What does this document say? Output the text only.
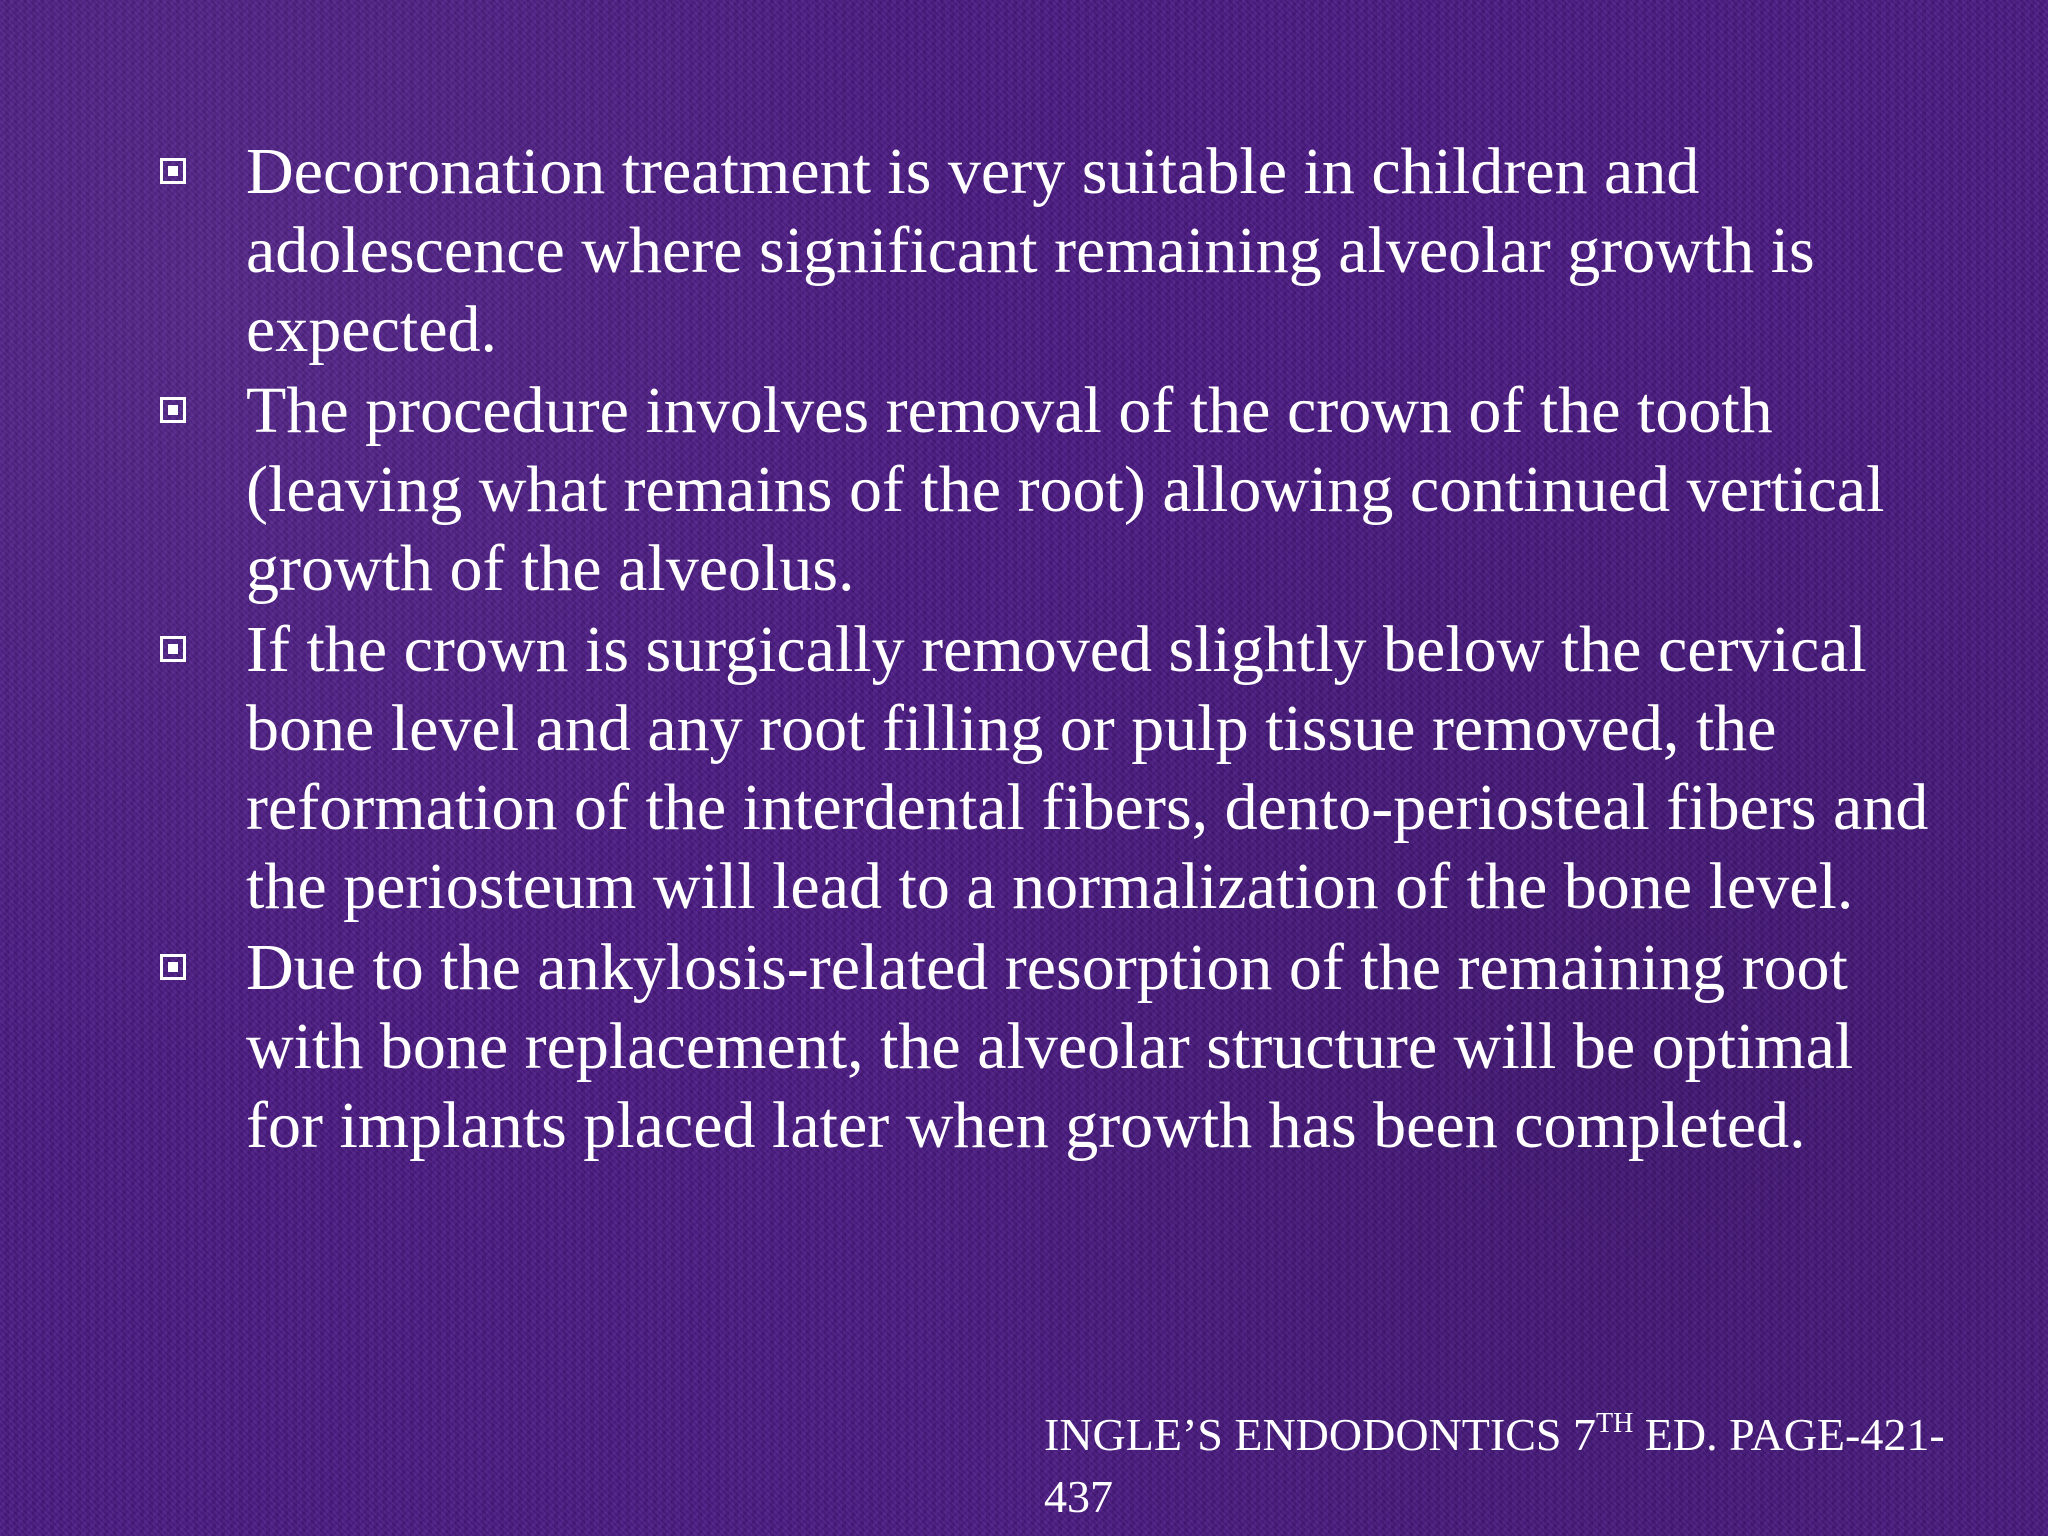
Decoronation treatment is very suitable in children and adolescence where significant remaining alveolar growth is expected.
The procedure involves removal of the crown of the tooth (leaving what remains of the root) allowing continued vertical growth of the alveolus.
If the crown is surgically removed slightly below the cervical bone level and any root filling or pulp tissue removed, the reformation of the interdental fibers, dento-periosteal fibers and the periosteum will lead to a normalization of the bone level.
Due to the ankylosis-related resorption of the remaining root with bone replacement, the alveolar structure will be optimal for implants placed later when growth has been completed.
INGLE’S ENDODONTICS 7TH ED. PAGE-421-437
